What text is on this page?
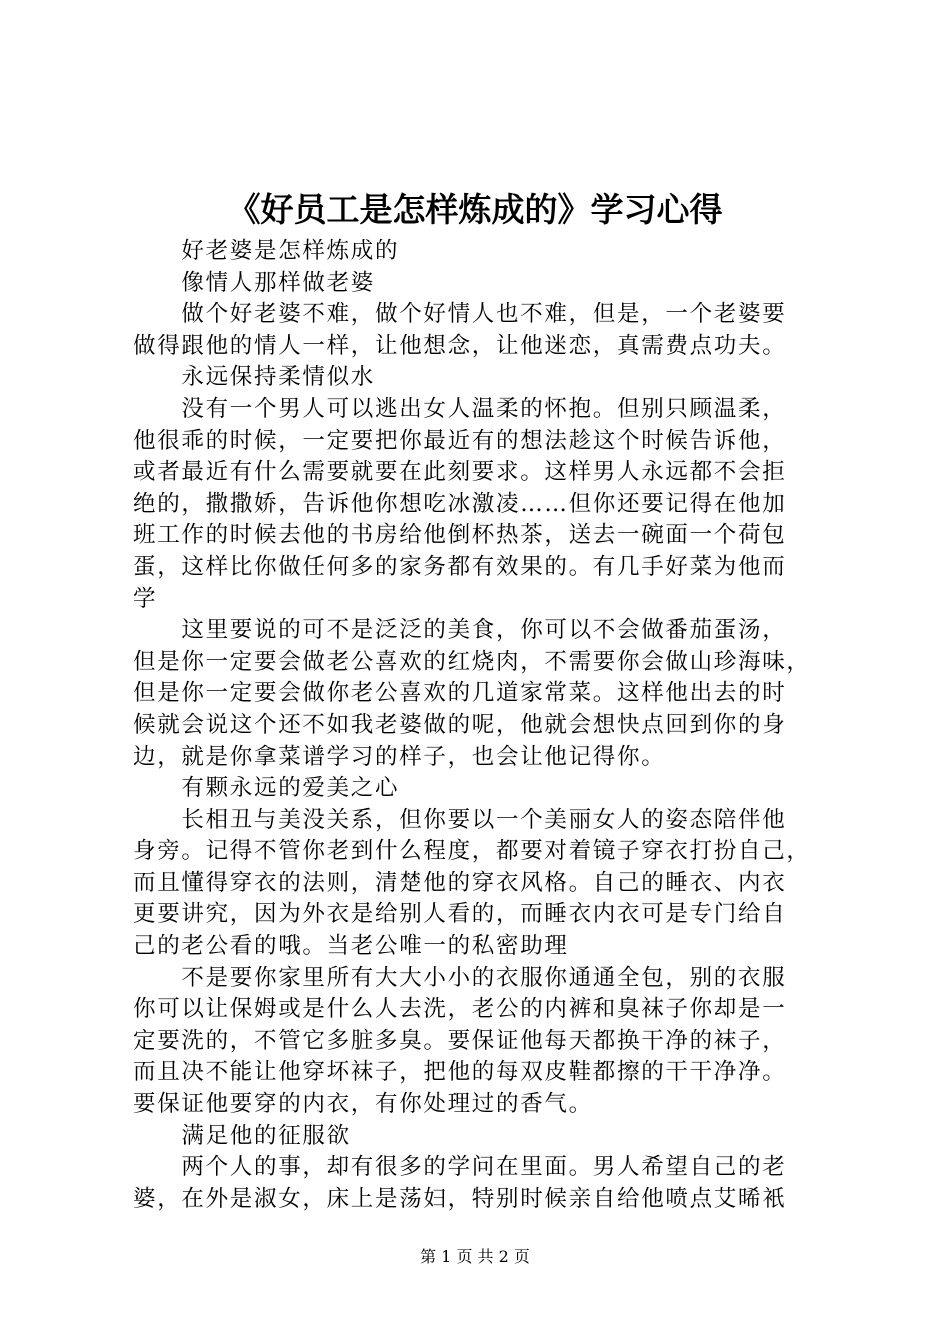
《好员工是怎样炼成的》学习心得
　　好老婆是怎样炼成的
　　像情人那样做老婆
　　做个好老婆不难，做个好情人也不难，但是，一个老婆要
做得跟他的情人一样，让他想念，让他迷恋，真需费点功夫。
　　永远保持柔情似水
　　没有一个男人可以逃出女人温柔的怀抱。但别只顾温柔，
他很乖的时候，一定要把你最近有的想法趁这个时候告诉他，
或者最近有什么需要就要在此刻要求。这样男人永远都不会拒
绝的，撒撒娇，告诉他你想吃冰激凌……但你还要记得在他加
班工作的时候去他的书房给他倒杯热茶，送去一碗面一个荷包
蛋，这样比你做任何多的家务都有效果的。有几手好菜为他而
学
　　这里要说的可不是泛泛的美食，你可以不会做番茄蛋汤，
但是你一定要会做老公喜欢的红烧肉，不需要你会做山珍海味，
但是你一定要会做你老公喜欢的几道家常菜。这样他出去的时
候就会说这个还不如我老婆做的呢，他就会想快点回到你的身
边，就是你拿菜谱学习的样子，也会让他记得你。
　　有颗永远的爱美之心
　　长相丑与美没关系，但你要以一个美丽女人的姿态陪伴他
身旁。记得不管你老到什么程度，都要对着镜子穿衣打扮自己，
而且懂得穿衣的法则，清楚他的穿衣风格。自己的睡衣、内衣
更要讲究，因为外衣是给别人看的，而睡衣内衣可是专门给自
己的老公看的哦。当老公唯一的私密助理
　　不是要你家里所有大大小小的衣服你通通全包，别的衣服
你可以让保姆或是什么人去洗，老公的内裤和臭袜子你却是一
定要洗的，不管它多脏多臭。要保证他每天都换干净的袜子，
而且决不能让他穿坏袜子，把他的每双皮鞋都擦的干干净净。
要保证他要穿的内衣，有你处理过的香气。
　　满足他的征服欲
　　两个人的事，却有很多的学问在里面。男人希望自己的老
婆，在外是淑女，床上是荡妇，特别时候亲自给他喷点艾晞衹
第 1 页 共 2 页
